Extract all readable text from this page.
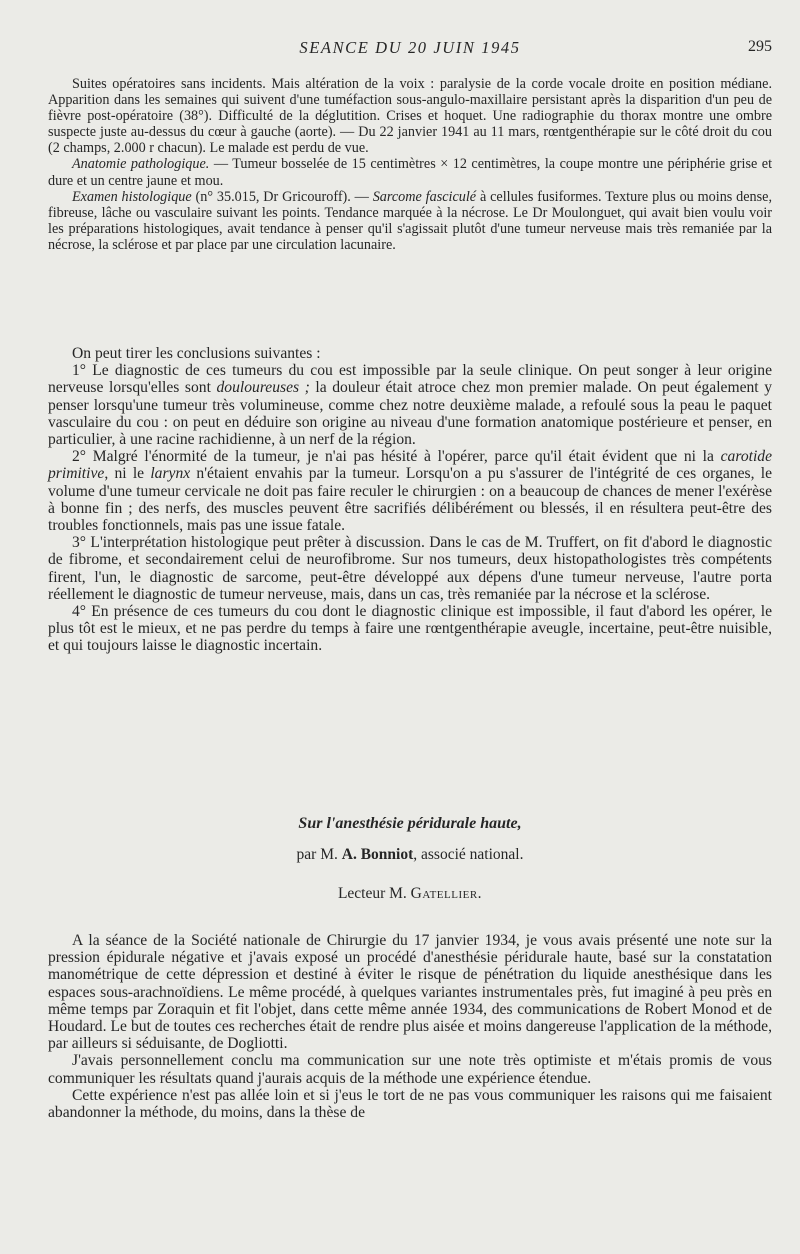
SEANCE DU 20 JUIN 1945	295

Suites opératoires sans incidents. Mais altération de la voix : paralysie de la corde vocale droite en position médiane. Apparition dans les semaines qui suivent d'une tuméfaction sous-angulo-maxillaire persistant après la disparition d'un peu de fièvre post-opératoire (38°). Difficulté de la déglutition. Crises et hoquet. Une radiographie du thorax montre une ombre suspecte juste au-dessus du cœur à gauche (aorte). — Du 22 janvier 1941 au 11 mars, rœntgenthérapie sur le côté droit du cou (2 champs, 2.000 r chacun). Le malade est perdu de vue.

Anatomie pathologique. — Tumeur bosselée de 15 centimètres × 12 centimètres, la coupe montre une périphérie grise et dure et un centre jaune et mou.

Examen histologique (n° 35.015, Dr Gricouroff). — Sarcome fasciculé à cellules fusiformes. Texture plus ou moins dense, fibreuse, lâche ou vasculaire suivant les points. Tendance marquée à la nécrose. Le Dr Moulonguet, qui avait bien voulu voir les préparations histologiques, avait tendance à penser qu'il s'agissait plutôt d'une tumeur nerveuse mais très remaniée par la nécrose, la sclérose et par place par une circulation lacunaire.

On peut tirer les conclusions suivantes :

1° Le diagnostic de ces tumeurs du cou est impossible par la seule clinique. On peut songer à leur origine nerveuse lorsqu'elles sont douloureuses ; la douleur était atroce chez mon premier malade. On peut également y penser lorsqu'une tumeur très volumineuse, comme chez notre deuxième malade, a refoulé sous la peau le paquet vasculaire du cou : on peut en déduire son origine au niveau d'une formation anatomique postérieure et penser, en particulier, à une racine rachidienne, à un nerf de la région.

2° Malgré l'énormité de la tumeur, je n'ai pas hésité à l'opérer, parce qu'il était évident que ni la carotide primitive, ni le larynx n'étaient envahis par la tumeur. Lorsqu'on a pu s'assurer de l'intégrité de ces organes, le volume d'une tumeur cervicale ne doit pas faire reculer le chirurgien : on a beaucoup de chances de mener l'exérèse à bonne fin ; des nerfs, des muscles peuvent être sacrifiés délibérément ou blessés, il en résultera peut-être des troubles fonctionnels, mais pas une issue fatale.

3° L'interprétation histologique peut prêter à discussion. Dans le cas de M. Truffert, on fit d'abord le diagnostic de fibrome, et secondairement celui de neurofibrome. Sur nos tumeurs, deux histopathologistes très compétents firent, l'un, le diagnostic de sarcome, peut-être développé aux dépens d'une tumeur nerveuse, l'autre porta réellement le diagnostic de tumeur nerveuse, mais, dans un cas, très remaniée par la nécrose et la sclérose.

4° En présence de ces tumeurs du cou dont le diagnostic clinique est impossible, il faut d'abord les opérer, le plus tôt est le mieux, et ne pas perdre du temps à faire une rœntgenthérapie aveugle, incertaine, peut-être nuisible, et qui toujours laisse le diagnostic incertain.

Sur l'anesthésie péridurale haute,
par M. A. Bonniot, associé national.
Lecteur M. Gatellier.

A la séance de la Société nationale de Chirurgie du 17 janvier 1934, je vous avais présenté une note sur la pression épidurale négative et j'avais exposé un procédé d'anesthésie péridurale haute, basé sur la constatation manométrique de cette dépression et destiné à éviter le risque de pénétration du liquide anesthésique dans les espaces sous-arachnoïdiens. Le même procédé, à quelques variantes instrumentales près, fut imaginé à peu près en même temps par Zoraquin et fit l'objet, dans cette même année 1934, des communications de Robert Monod et de Houdard. Le but de toutes ces recherches était de rendre plus aisée et moins dangereuse l'application de la méthode, par ailleurs si séduisante, de Dogliotti.

J'avais personnellement conclu ma communication sur une note très optimiste et m'étais promis de vous communiquer les résultats quand j'aurais acquis de la méthode une expérience étendue.

Cette expérience n'est pas allée loin et si j'eus le tort de ne pas vous communiquer les raisons qui me faisaient abandonner la méthode, du moins, dans la thèse de
